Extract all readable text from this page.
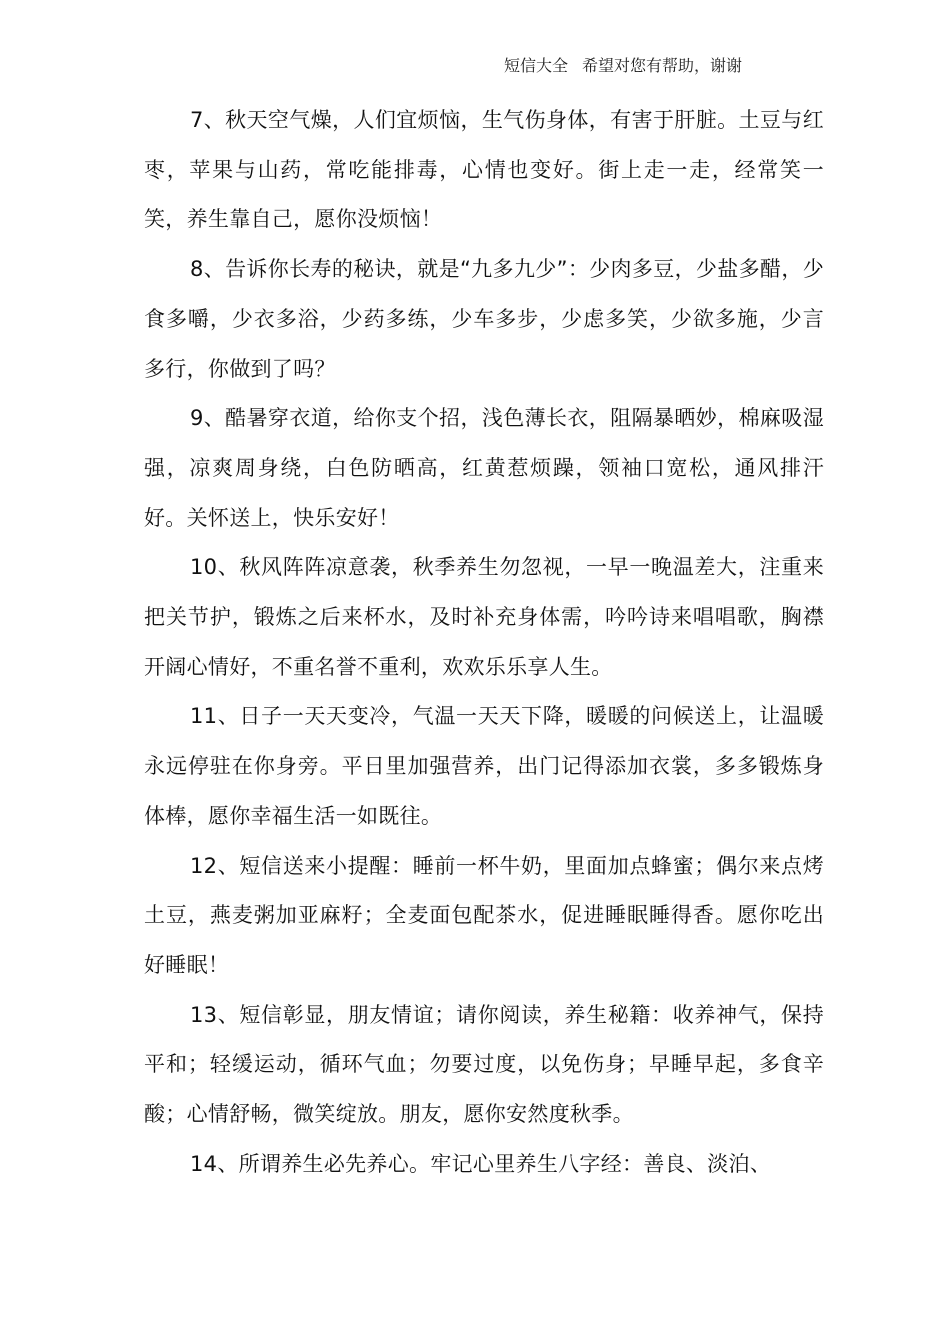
短信大全 希望对您有帮助，谢谢

7、秋天空气燥，人们宜烦恼，生气伤身体，有害于肝脏。土豆与红枣，苹果与山药，常吃能排毒，心情也变好。街上走一走，经常笑一笑，养生靠自己，愿你没烦恼！

8、告诉你长寿的秘诀，就是“九多九少”：少肉多豆，少盐多醋，少食多嚼，少衣多浴，少药多练，少车多步，少虑多笑，少欲多施，少言多行，你做到了吗？

9、酷暑穿衣道，给你支个招，浅色薄长衣，阻隔暴晒妙，棉麻吸湿强，凉爽周身绕，白色防晒高，红黄惹烦躁，领袖口宽松，通风排汗好。关怀送上，快乐安好！

10、秋风阵阵凉意袭，秋季养生勿忽视，一早一晚温差大，注重来把关节护，锻炼之后来杯水，及时补充身体需，吟吟诗来唱唱歌，胸襟开阔心情好，不重名誉不重利，欢欢乐乐享人生。

11、日子一天天变冷，气温一天天下降，暖暖的问候送上，让温暖永远停驻在你身旁。平日里加强营养，出门记得添加衣裳，多多锻炼身体棒，愿你幸福生活一如既往。

12、短信送来小提醒：睡前一杯牛奶，里面加点蜂蜜；偶尔来点烤土豆，燕麦粥加亚麻籽；全麦面包配茶水，促进睡眠睡得香。愿你吃出好睡眠！

13、短信彰显，朋友情谊；请你阅读，养生秘籍：收养神气，保持平和；轻缓运动，循环气血；勿要过度，以免伤身；早睡早起，多食辛酸；心情舒畅，微笑绽放。朋友，愿你安然度秋季。

14、所谓养生必先养心。牢记心里养生八字经：善良、淡泊、
